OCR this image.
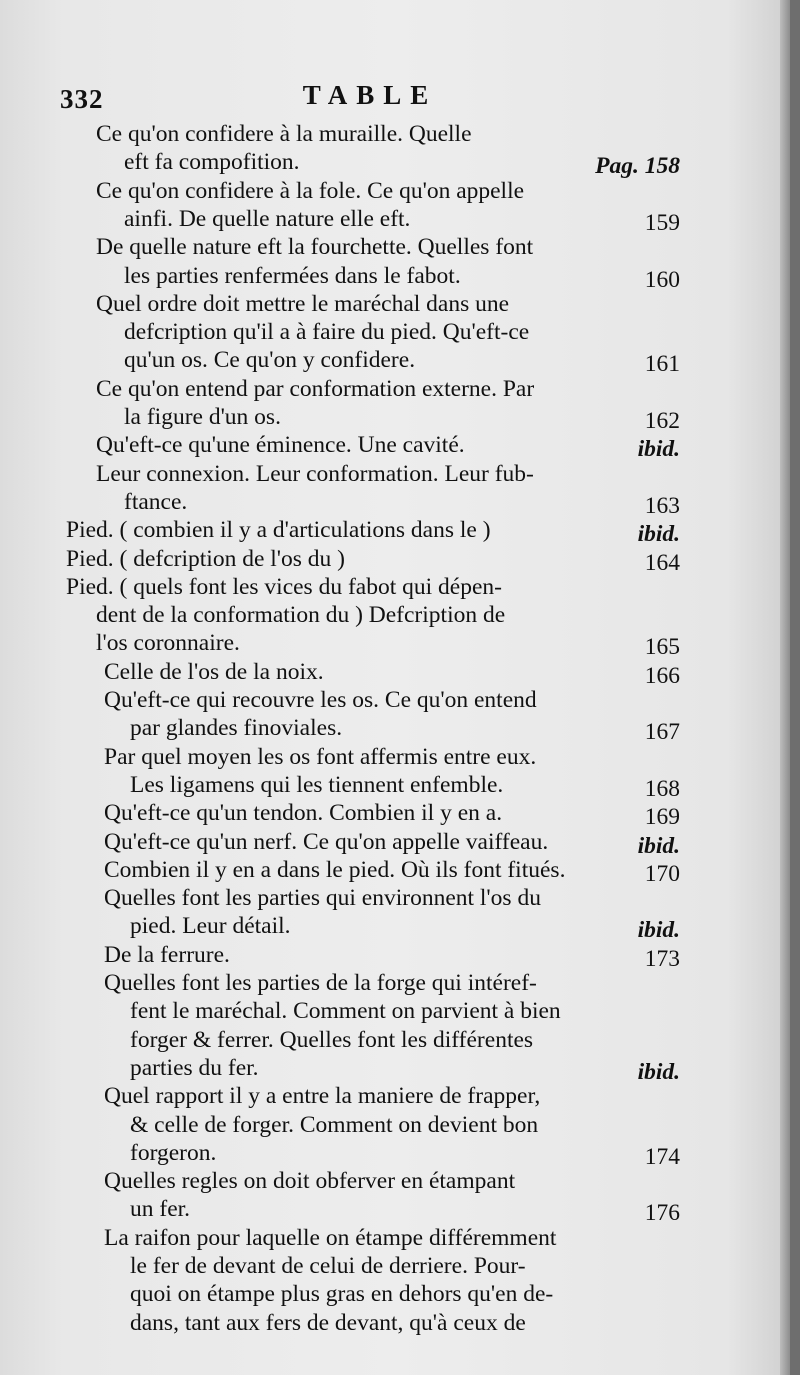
332	TABLE
Ce qu'on confidere à la muraille. Quelle
eft fa compofition.	Pag. 158
Ce qu'on confidere à la fole. Ce qu'on appelle
ainfi. De quelle nature elle eft.	159
De quelle nature eft la fourchette. Quelles font
les parties renfermées dans le fabot.	160
Quel ordre doit mettre le maréchal dans une
defcription qu'il a à faire du pied. Qu'eft-ce
qu'un os. Ce qu'on y confidere.	161
Ce qu'on entend par conformation externe. Par
la figure d'un os.	162
Qu'eft-ce qu'une éminence. Une cavité.	ibid.
Leur connexion. Leur conformation. Leur fub-
ftance.	163
Pied. ( combien il y a d'articulations dans le )	ibid.
Pied. ( defcription de l'os du )	164
Pied. ( quels font les vices du fabot qui dépen-
dent de la conformation du ) Defcription de
l'os coronnaire.	165
Celle de l'os de la noix.	166
Qu'eft-ce qui recouvre les os. Ce qu'on entend
par glandes finoviales.	167
Par quel moyen les os font affermis entre eux.
Les ligamens qui les tiennent enfemble.	168
Qu'eft-ce qu'un tendon. Combien il y en a.	169
Qu'eft-ce qu'un nerf. Ce qu'on appelle vaiffeau.	ibid.
Combien il y en a dans le pied. Où ils font fitués.	170
Quelles font les parties qui environnent l'os du
pied. Leur détail.	ibid.
De la ferrure.	173
Quelles font les parties de la forge qui intéref-
fent le maréchal. Comment on parvient à bien
forger & ferrer. Quelles font les différentes
parties du fer.	ibid.
Quel rapport il y a entre la maniere de frapper,
& celle de forger. Comment on devient bon
forgeron.	174
Quelles regles on doit obferver en étampant
un fer.	176
La raifon pour laquelle on étampe différemment
le fer de devant de celui de derriere. Pour-
quoi on étampe plus gras en dehors qu'en de-
dans, tant aux fers de devant, qu'à ceux de
